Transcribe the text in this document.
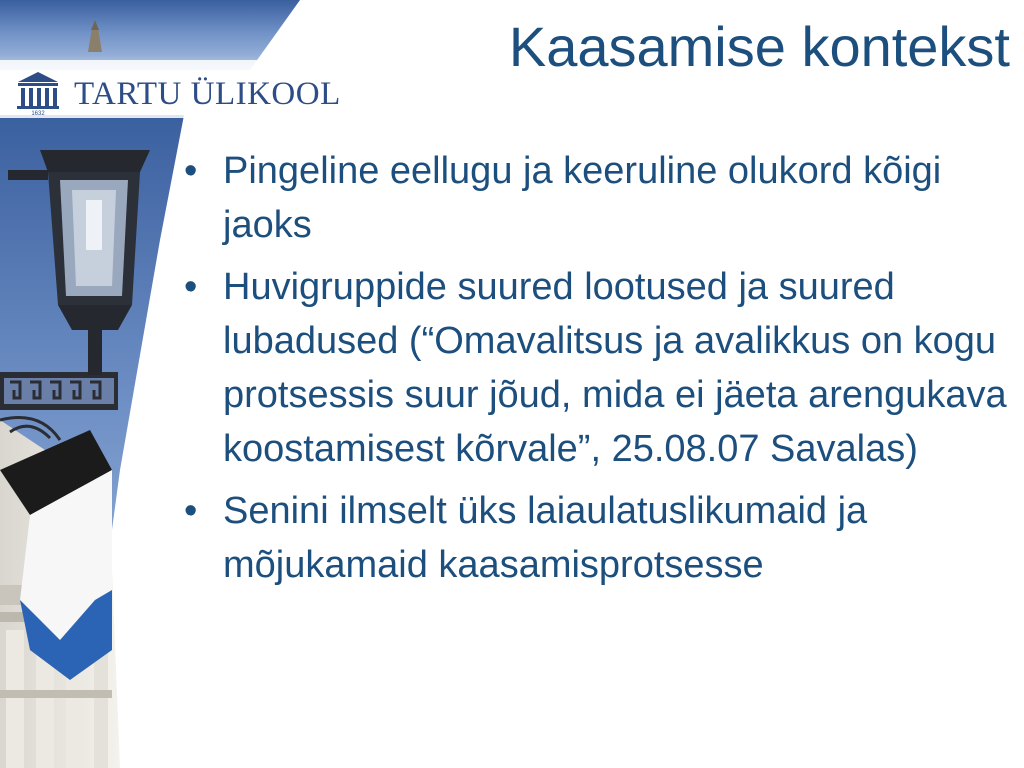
1632
TARTU ÜLIKOOL
Kaasamise kontekst
• Pingeline eellugu ja keeruline olukord kõigi jaoks
• Huvigruppide suured lootused ja suured lubadused (“Omavalitsus ja avalikkus on kogu protsessis suur jõud, mida ei jäeta arengukava koostamisest kõrvale”, 25.08.07 Savalas)
• Senini ilmselt üks laiaulatuslikumaid ja mõjukamaid kaasamisprotsesse
